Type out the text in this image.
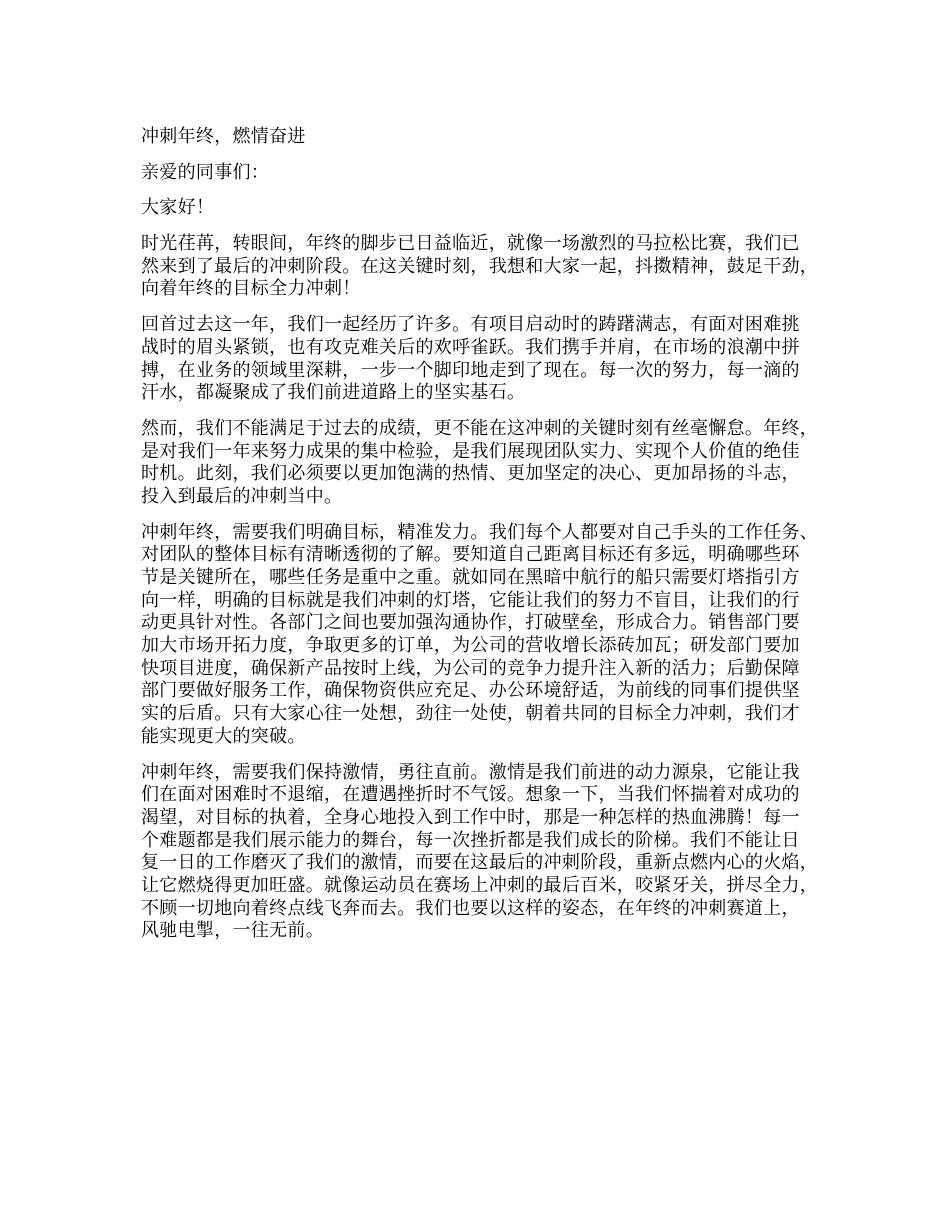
冲刺年终，燃情奋进

亲爱的同事们：

大家好！

时光荏苒，转眼间，年终的脚步已日益临近，就像一场激烈的马拉松比赛，我们已
然来到了最后的冲刺阶段。在这关键时刻，我想和大家一起，抖擞精神，鼓足干劲，
向着年终的目标全力冲刺！

回首过去这一年，我们一起经历了许多。有项目启动时的踌躇满志，有面对困难挑
战时的眉头紧锁，也有攻克难关后的欢呼雀跃。我们携手并肩，在市场的浪潮中拼
搏，在业务的领域里深耕，一步一个脚印地走到了现在。每一次的努力，每一滴的
汗水，都凝聚成了我们前进道路上的坚实基石。

然而，我们不能满足于过去的成绩，更不能在这冲刺的关键时刻有丝毫懈怠。年终，
是对我们一年来努力成果的集中检验，是我们展现团队实力、实现个人价值的绝佳
时机。此刻，我们必须要以更加饱满的热情、更加坚定的决心、更加昂扬的斗志，
投入到最后的冲刺当中。

冲刺年终，需要我们明确目标，精准发力。我们每个人都要对自己手头的工作任务、
对团队的整体目标有清晰透彻的了解。要知道自己距离目标还有多远，明确哪些环
节是关键所在，哪些任务是重中之重。就如同在黑暗中航行的船只需要灯塔指引方
向一样，明确的目标就是我们冲刺的灯塔，它能让我们的努力不盲目，让我们的行
动更具针对性。各部门之间也要加强沟通协作，打破壁垒，形成合力。销售部门要
加大市场开拓力度，争取更多的订单，为公司的营收增长添砖加瓦；研发部门要加
快项目进度，确保新产品按时上线，为公司的竞争力提升注入新的活力；后勤保障
部门要做好服务工作，确保物资供应充足、办公环境舒适，为前线的同事们提供坚
实的后盾。只有大家心往一处想，劲往一处使，朝着共同的目标全力冲刺，我们才
能实现更大的突破。

冲刺年终，需要我们保持激情，勇往直前。激情是我们前进的动力源泉，它能让我
们在面对困难时不退缩，在遭遇挫折时不气馁。想象一下，当我们怀揣着对成功的
渴望，对目标的执着，全身心地投入到工作中时，那是一种怎样的热血沸腾！每一
个难题都是我们展示能力的舞台，每一次挫折都是我们成长的阶梯。我们不能让日
复一日的工作磨灭了我们的激情，而要在这最后的冲刺阶段，重新点燃内心的火焰，
让它燃烧得更加旺盛。就像运动员在赛场上冲刺的最后百米，咬紧牙关，拼尽全力，
不顾一切地向着终点线飞奔而去。我们也要以这样的姿态，在年终的冲刺赛道上，
风驰电掣，一往无前。
